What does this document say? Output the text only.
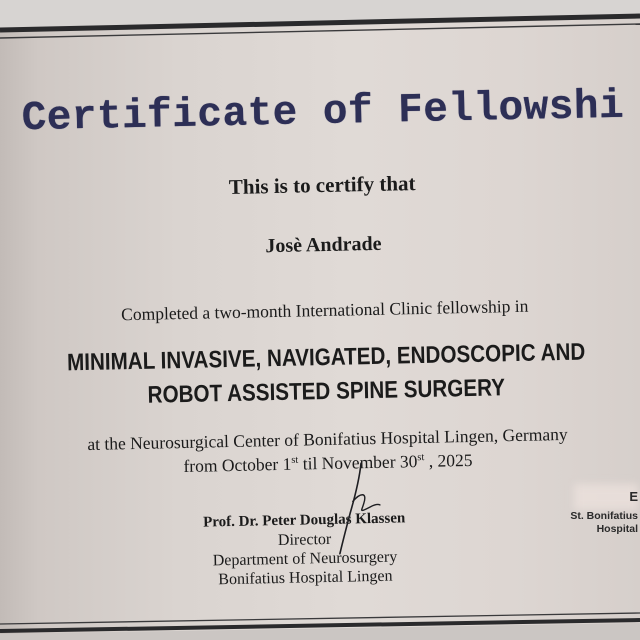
Certificate of Fellowshi
This is to certify that
Josè Andrade
Completed a two-month International Clinic fellowship in
MINIMAL INVASIVE, NAVIGATED, ENDOSCOPIC AND
ROBOT ASSISTED SPINE SURGERY
at the Neurosurgical Center of Bonifatius Hospital Lingen, Germany
from October 1st til November 30st , 2025
Prof. Dr. Peter Douglas Klassen
Director
Department of Neurosurgery
Bonifatius Hospital Lingen
E
St. Bonifatius
Hospital
